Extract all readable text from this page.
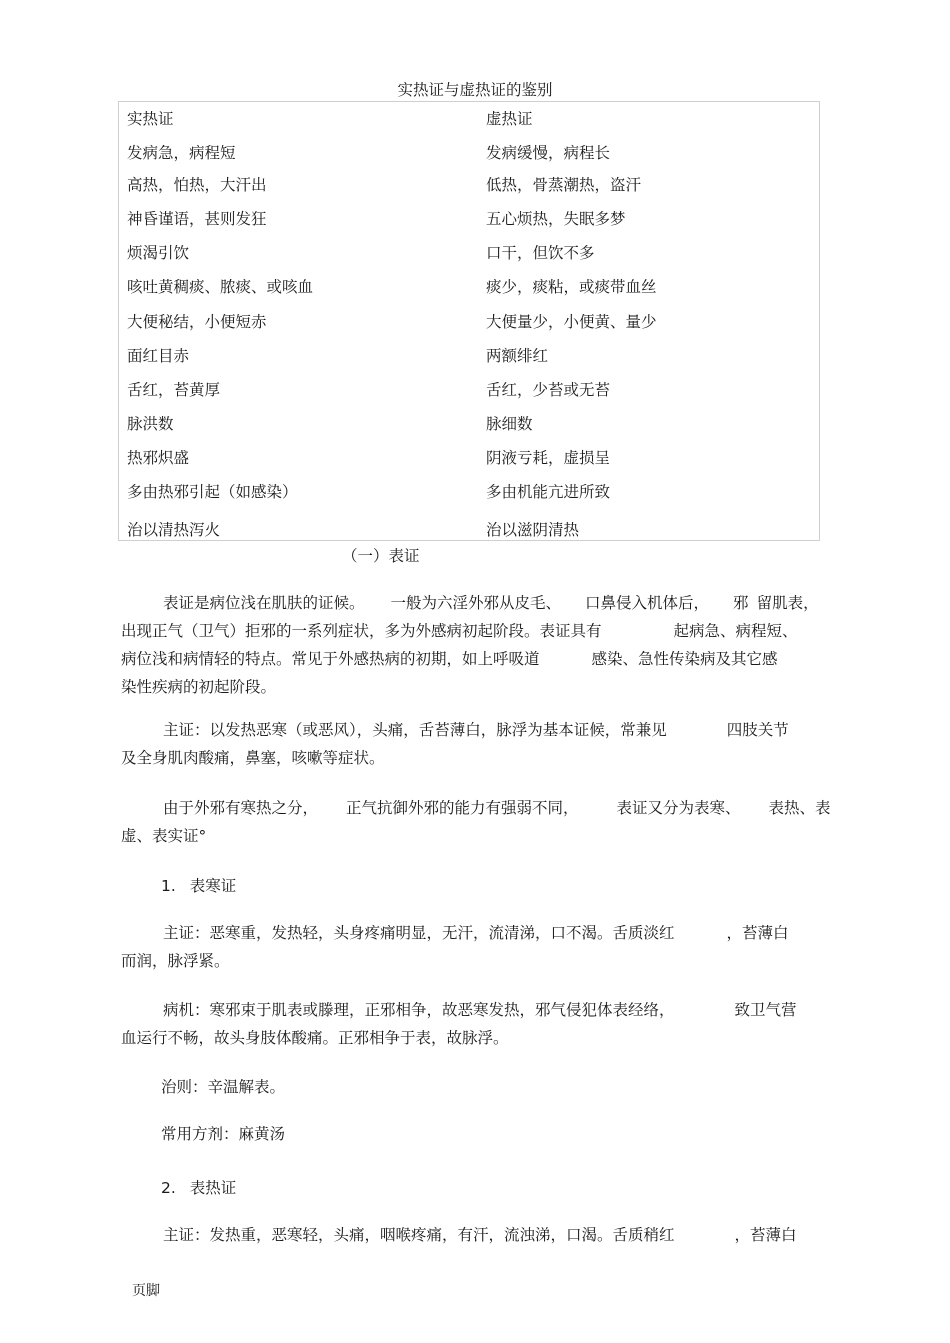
实热证与虚热证的鉴别
实热证	虚热证
发病急，病程短	发病缓慢，病程长
高热，怕热，大汗出	低热，骨蒸潮热，盗汗
神昏谨语，甚则发狂	五心烦热，失眠多梦
烦渴引饮	口干，但饮不多
咳吐黄稠痰、脓痰、或咳血	痰少，痰粘，或痰带血丝
大便秘结，小便短赤	大便量少，小便黄、量少
面红目赤	两额绯红
舌红，苔黄厚	舌红，少苔或无苔
脉洪数	脉细数
热邪炽盛	阴液亏耗，虚损呈
多由热邪引起（如感染）	多由机能亢进所致
治以清热泻火	治以滋阴清热
（一）表证
表证是病位浅在肌肤的证候。 一般为六淫外邪从皮毛、 口鼻侵入机体后， 邪 留肌表，
出现正气（卫气）拒邪的一系列症状，多为外感病初起阶段。表证具有	起病急、病程短、
病位浅和病情轻的特点。常见于外感热病的初期，如上呼吸道	感染、急性传染病及其它感
染性疾病的初起阶段。
主证：以发热恶寒（或恶风），头痛，舌苔薄白，脉浮为基本证候，常兼见	四肢关节
及全身肌肉酸痛，鼻塞，咳嗽等症状。
由于外邪有寒热之分， 正气抗御外邪的能力有强弱不同， 表证又分为表寒、 表热、表
虚、表实证°
1. 表寒证
主证：恶寒重，发热轻，头身疼痛明显，无汗，流清涕，口不渴。舌质淡红	，苔薄白
而润，脉浮紧。
病机：寒邪束于肌表或滕理，正邪相争，故恶寒发热，邪气侵犯体表经络，	致卫气营
血运行不畅，故头身肢体酸痛。正邪相争于表，故脉浮。
治则：辛温解表。
常用方剂：麻黄汤
2. 表热证
主证：发热重，恶寒轻，头痛，咽喉疼痛，有汗，流浊涕，口渴。舌质稍红	，苔薄白
页脚
